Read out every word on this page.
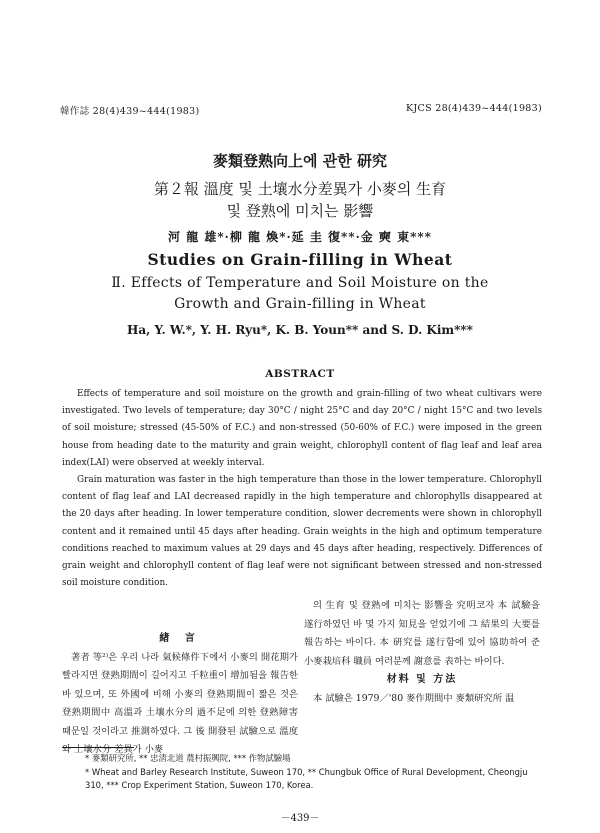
韓作誌 28(4)439~444(1983)	KJCS 28(4)439~444(1983)
麥類登熟向上에 관한 研究
第２報 溫度 및 土壤水分差異가 小麥의 生育
및 登熟에 미치는 影響
河 龍 雄*·柳 龍 煥*·延 圭 復**·金 奭 東***
Studies on Grain-filling in Wheat
Ⅱ. Effects of Temperature and Soil Moisture on the
Growth and Grain-filling in Wheat
Ha, Y. W.*, Y. H. Ryu*, K. B. Youn** and S. D. Kim***
ABSTRACT

Effects of temperature and soil moisture on the growth and grain-filling of two wheat cultivars were investigated. Two levels of temperature; day 30°C / night 25°C and day 20°C / night 15°C and two levels of soil moisture; stressed (45-50% of F.C.) and non-stressed (50-60% of F.C.) were imposed in the green house from heading date to the maturity and grain weight, chlorophyll content of flag leaf and leaf area index(LAI) were observed at weekly interval.

Grain maturation was faster in the high temperature than those in the lower temperature. Chlorophyll content of flag leaf and LAI decreased rapidly in the high temperature and chlorophylls disappeared at the 20 days after heading. In lower temperature condition, slower decrements were shown in chlorophyll content and it remained until 45 days after heading. Grain weights in the high and optimum temperature conditions reached to maximum values at 29 days and 45 days after heading, respectively. Differences of grain weight and chlorophyll content of flag leaf were not significant between stressed and non-stressed soil moisture condition.

緖 言

著者 等²⁾은 우리 나라 氣候條件下에서 小麥의 開花期가 빨라지면 登熟期間이 길어지고 千粒重이 增加됨을 報告한 바 있으며, 또 外國에 비해 小麥의 登熟期間이 짧은 것은 登熟期間中 高溫과 土壤水分의 過不足에 의한 登熟障害 때문일 것이라고 推測하였다. 그 後 開發된 試驗으로 溫度와 土壤水分 差異가 小麥

의 生育 및 登熟에 미치는 影響을 究明코자 本 試驗을 遂行하였던 바 몇 가지 知見을 얻었기에 그 結果의 大要를 報告하는 바이다. 本 硏究를 遂行함에 있어 協助하여 준 小麥栽培科 職員 여러분께 謝意를 表하는 바이다.

材料 및 方法

本 試驗은 1979／'80 麥作期間中 麥類研究所 温

* 麥類研究所, ** 忠淸北道 農村振興院, *** 作物試驗場
* Wheat and Barley Research Institute, Suweon 170, ** Chungbuk Office of Rural Development, Cheongju 310, *** Crop Experiment Station, Suweon 170, Korea.
－439－
